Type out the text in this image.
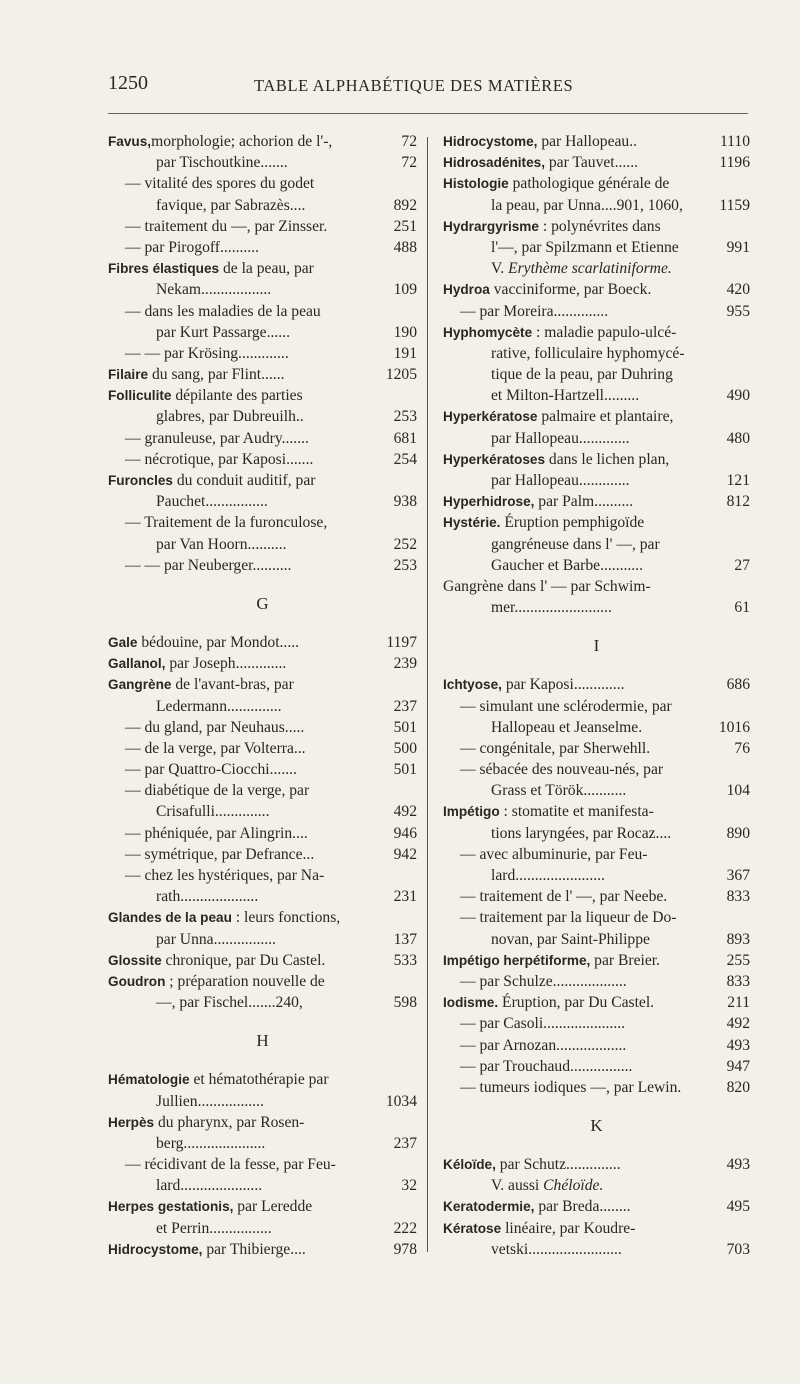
1250	TABLE ALPHABÉTIQUE DES MATIÈRES
Favus,morphologie; achorion de l'-,	72
par Tischoutkine.......	72
— vitalité des spores du godet
favique, par Sabrazès....	892
— traitement du —, par Zinsser.	251
— par Pirogoff..........	488
Fibres élastiques de la peau, par
Nekam..................	109
— dans les maladies de la peau
par Kurt Passarge......	190
— — par Krösing.............	191
Filaire du sang, par Flint......	1205
Folliculite dépilante des parties
glabres, par Dubreuilh..	253
— granuleuse, par Audry.......	681
— nécrotique, par Kaposi.......	254
Furoncles du conduit auditif, par
Pauchet................	938
— Traitement de la furonculose,
par Van Hoorn..........	252
— — par Neuberger..........	253
G
Gale bédouine, par Mondot.....	1197
Gallanol, par Joseph.............	239
Gangrène de l'avant-bras, par
Ledermann..............	237
— du gland, par Neuhaus.....	501
— de la verge, par Volterra...	500
— par Quattro-Ciocchi.......	501
— diabétique de la verge, par
Crisafulli..............	492
— phéniquée, par Alingrin....	946
— symétrique, par Defrance...	942
— chez les hystériques, par Na-
rath....................	231
Glandes de la peau : leurs fonctions,
par Unna................	137
Glossite chronique, par Du Castel.	533
Goudron ; préparation nouvelle de
—, par Fischel.......240,	598
H
Hématologie et hématothérapie par
Jullien.................	1034
Herpès du pharynx, par Rosen-
berg.....................	237
— récidivant de la fesse, par Feu-
lard.....................	32
Herpes gestationis, par Leredde
et Perrin................	222
Hidrocystome, par Thibierge....	978
Hidrocystome, par Hallopeau..	1110
Hidrosadénites, par Tauvet......	1196
Histologie pathologique générale de
la peau, par Unna....901, 1060, 1159
Hydrargyrisme : polynévrites dans
l'—, par Spilzmann et Etienne	991
V. Erythème scarlatiniforme.
Hydroa vacciniforme, par Boeck.	420
— par Moreira..............	955
Hyphomycète : maladie papulo-ulcé-
rative, folliculaire hyphomycé-
tique de la peau, par Duhring
et Milton-Hartzell.........	490
Hyperkératose palmaire et plantaire,
par Hallopeau.............	480
Hyperkératoses dans le lichen plan,
par Hallopeau.............	121
Hyperhidrose, par Palm..........	812
Hystérie. Éruption pemphigoïde
gangréneuse dans l' —, par
Gaucher et Barbe...........	27
Gangrène dans l' — par Schwim-
mer.........................	61
I
Ichtyose, par Kaposi.............	686
— simulant une sclérodermie, par
Hallopeau et Jeanselme.	1016
— congénitale, par Sherwehll.	76
— sébacée des nouveau-nés, par
Grass et Török...........	104
Impétigo : stomatite et manifesta-
tions laryngées, par Rocaz....	890
— avec albuminurie, par Feu-
lard.......................	367
— traitement de l' —, par Neebe.	833
— traitement par la liqueur de Do-
novan, par Saint-Philippe	893
Impétigo herpétiforme, par Breier.	255
— par Schulze...................	833
Iodisme. Éruption, par Du Castel.	211
— par Casoli.....................	492
— par Arnozan..................	493
— par Trouchaud................	947
— tumeurs iodiques —, par Lewin.	820
K
Kéloïde, par Schutz..............	493
V. aussi Chéloïde.
Keratodermie, par Breda........	495
Kératose linéaire, par Koudre-
vetski........................	703
